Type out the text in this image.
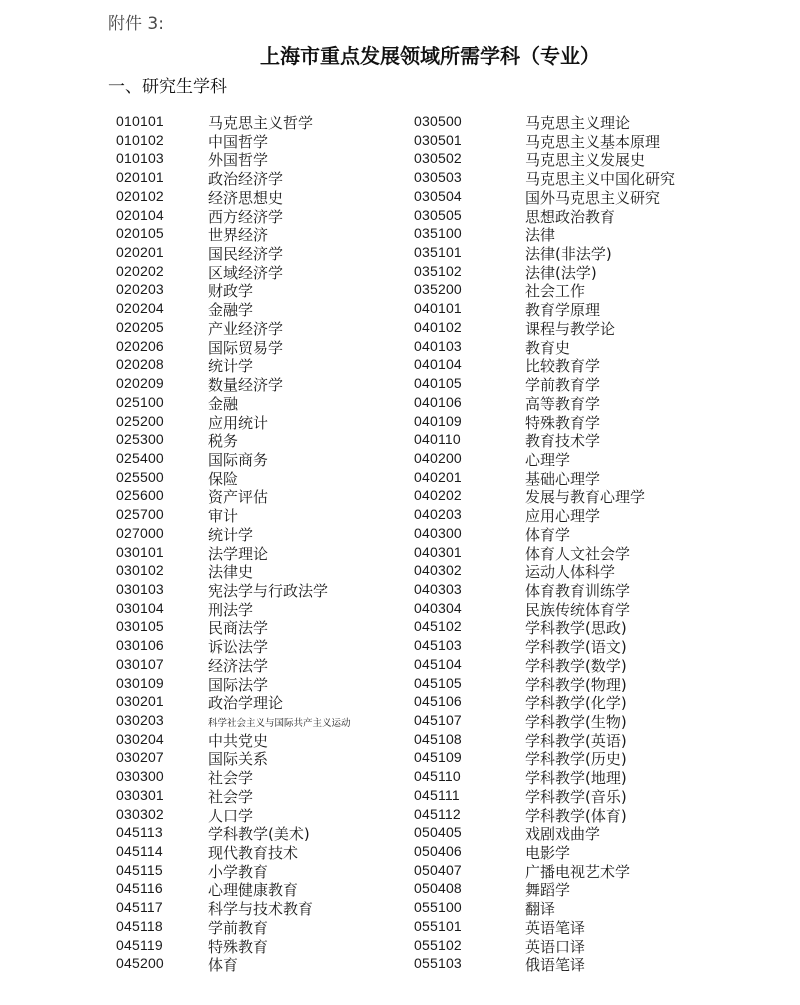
附件 3:

上海市重点发展领域所需学科（专业）
一、研究生学科
010101	马克思主义哲学
010102	中国哲学
010103	外国哲学
020101	政治经济学
020102	经济思想史
020104	西方经济学
020105	世界经济
020201	国民经济学
020202	区域经济学
020203	财政学
020204	金融学
020205	产业经济学
020206	国际贸易学
020208	统计学
020209	数量经济学
025100	金融
025200	应用统计
025300	税务
025400	国际商务
025500	保险
025600	资产评估
025700	审计
027000	统计学
030101	法学理论
030102	法律史
030103	宪法学与行政法学
030104	刑法学
030105	民商法学
030106	诉讼法学
030107	经济法学
030109	国际法学
030201	政治学理论
030203	科学社会主义与国际共产主义运动
030204	中共党史
030207	国际关系
030300	社会学
030301	社会学
030302	人口学
045113	学科教学(美术)
045114	现代教育技术
045115	小学教育
045116	心理健康教育
045117	科学与技术教育
045118	学前教育
045119	特殊教育
045200	体育
030500	马克思主义理论
030501	马克思主义基本原理
030502	马克思主义发展史
030503	马克思主义中国化研究
030504	国外马克思主义研究
030505	思想政治教育
035100	法律
035101	法律(非法学)
035102	法律(法学)
035200	社会工作
040101	教育学原理
040102	课程与教学论
040103	教育史
040104	比较教育学
040105	学前教育学
040106	高等教育学
040109	特殊教育学
040110	教育技术学
040200	心理学
040201	基础心理学
040202	发展与教育心理学
040203	应用心理学
040300	体育学
040301	体育人文社会学
040302	运动人体科学
040303	体育教育训练学
040304	民族传统体育学
045102	学科教学(思政)
045103	学科教学(语文)
045104	学科教学(数学)
045105	学科教学(物理)
045106	学科教学(化学)
045107	学科教学(生物)
045108	学科教学(英语)
045109	学科教学(历史)
045110	学科教学(地理)
045111	学科教学(音乐)
045112	学科教学(体育)
050405	戏剧戏曲学
050406	电影学
050407	广播电视艺术学
050408	舞蹈学
055100	翻译
055101	英语笔译
055102	英语口译
055103	俄语笔译
